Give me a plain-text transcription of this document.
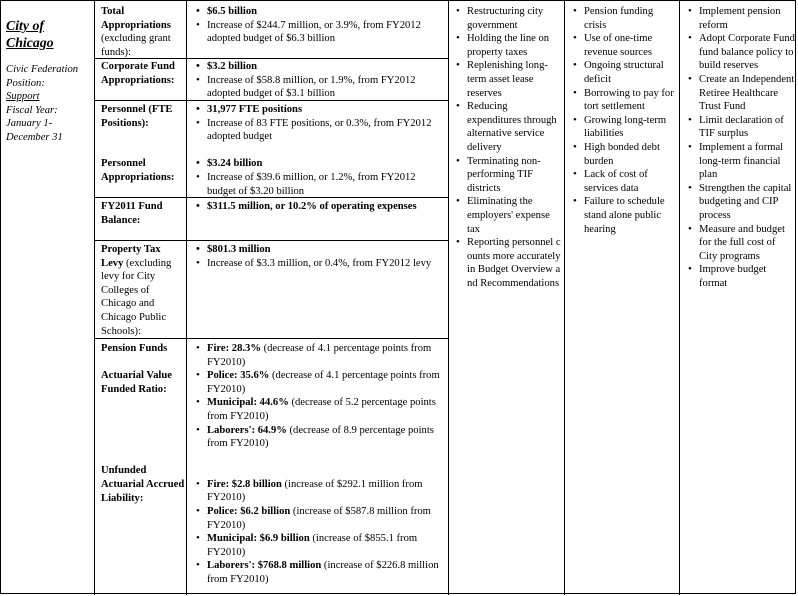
City of Chicago
Civic Federation Position:
Support
Fiscal Year: January 1- December 31
Total Appropriations (excluding grant funds):
• $6.5 billion
• Increase of $244.7 million, or 3.9%, from FY2012 adopted budget of $6.3 billion
Corporate Fund Appropriations:
• $3.2 billion
• Increase of $58.8 million, or 1.9%, from FY2012 adopted budget of $3.1 billion
Personnel (FTE Positions):
Personnel Appropriations:
• 31,977 FTE positions
• Increase of 83 FTE positions, or 0.3%, from FY2012 adopted budget
• $3.24 billion
• Increase of $39.6 million, or 1.2%, from FY2012 budget of $3.20 billion
FY2011 Fund Balance:
• $311.5 million, or 10.2% of operating expenses
Property Tax Levy (excluding levy for City Colleges of Chicago and Chicago Public Schools):
• $801.3 million
• Increase of $3.3 million, or 0.4%, from FY2012 levy
Pension Funds
Actuarial Value Funded Ratio:
Unfunded Actuarial Accrued Liability:
• Fire: 28.3% (decrease of 4.1 percentage points from FY2010)
• Police: 35.6% (decrease of 4.1 percentage points from FY2010)
• Municipal: 44.6% (decrease of 5.2 percentage points from FY2010)
• Laborers': 64.9% (decrease of 8.9 percentage points from FY2010)
• Fire: $2.8 billion (increase of $292.1 million from FY2010)
• Police: $6.2 billion (increase of $587.8 million from FY2010)
• Municipal: $6.9 billion (increase of $855.1 from FY2010)
• Laborers': $768.8 million (increase of $226.8 million from FY2010)
• Restructuring city government
• Holding the line on property taxes
• Replenishing long-term asset lease reserves
• Reducing expenditures through alternative service delivery
• Terminating non-performing TIF districts
• Eliminating the employers' expense tax
• Reporting personnel counts more accurately in Budget Overview and Recommendations
• Pension funding crisis
• Use of one-time revenue sources
• Ongoing structural deficit
• Borrowing to pay for tort settlement
• Growing long-term liabilities
• High bonded debt burden
• Lack of cost of services data
• Failure to schedule stand alone public hearing
• Implement pension reform
• Adopt Corporate Fund fund balance policy to build reserves
• Create an Independent Retiree Healthcare Trust Fund
• Limit declaration of TIF surplus
• Implement a formal long-term financial plan
• Strengthen the capital budgeting and CIP process
• Measure and budget for the full cost of City programs
• Improve budget format
